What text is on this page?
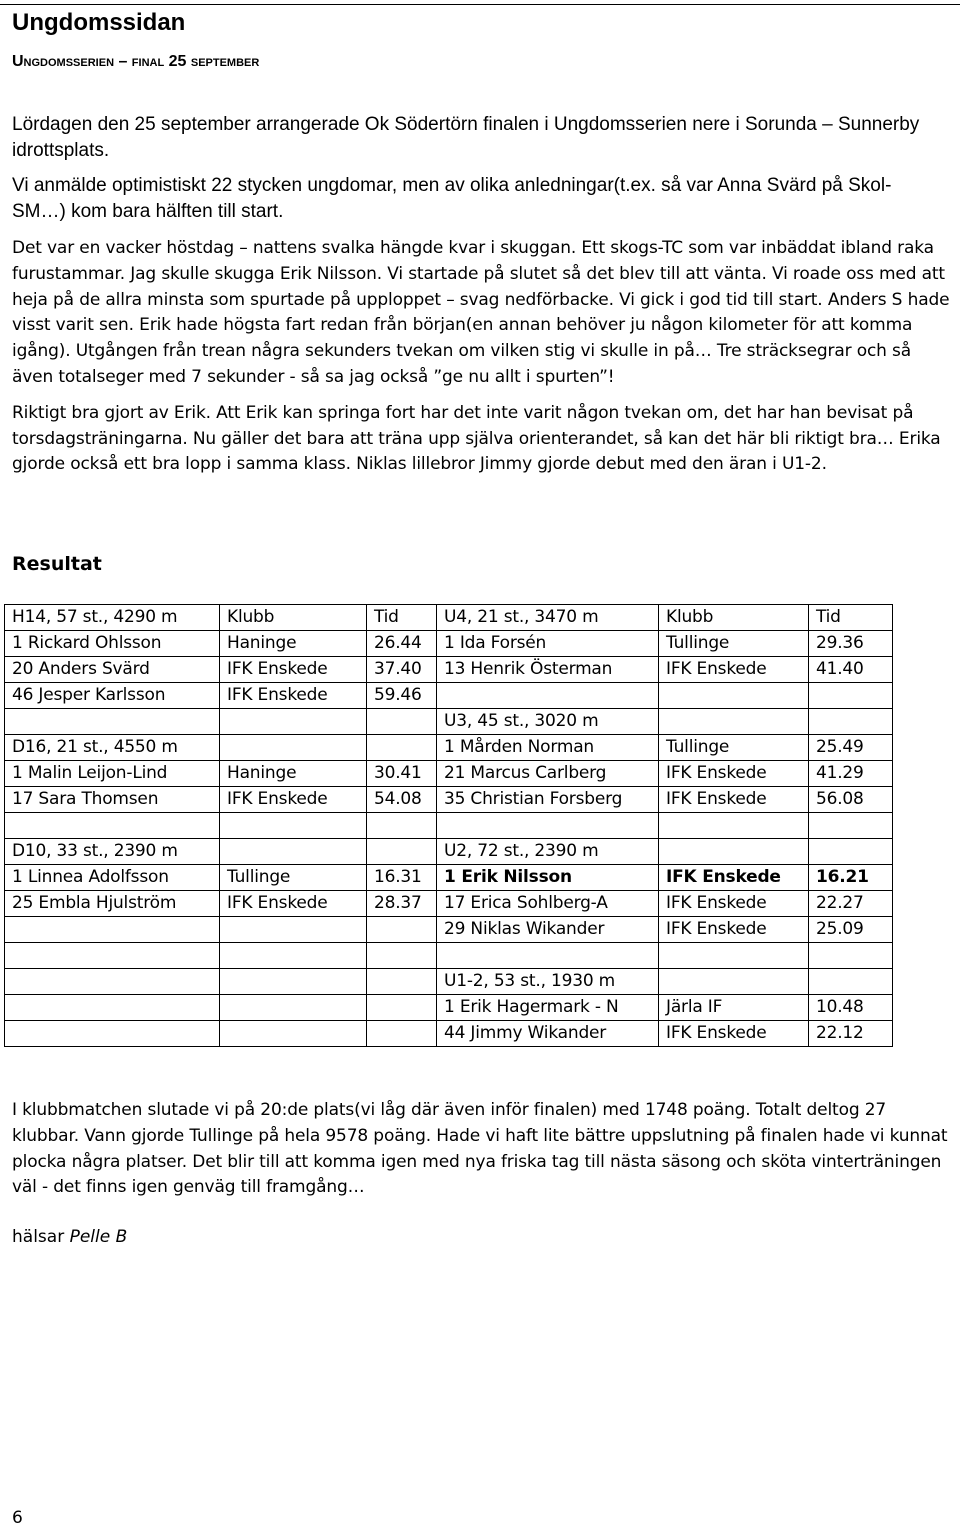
Ungdomssidan
Ungdomsserien – final 25 september

Lördagen den 25 september arrangerade Ok Södertörn finalen i Ungdomsserien nere i Sorunda – Sunnerby idrottsplats.

Vi anmälde optimistiskt 22 stycken ungdomar, men av olika anledningar(t.ex. så var Anna Svärd på Skol-SM…) kom bara hälften till start.

Det var en vacker höstdag – nattens svalka hängde kvar i skuggan. Ett skogs-TC som var inbäddat ibland raka furustammar. Jag skulle skugga Erik Nilsson. Vi startade på slutet så det blev till att vänta. Vi roade oss med att heja på de allra minsta som spurtade på upploppet – svag nedförbacke. Vi gick i god tid till start. Anders S hade visst varit sen. Erik hade högsta fart redan från början(en annan behöver ju någon kilometer för att komma igång). Utgången från trean några sekunders tvekan om vilken stig vi skulle in på… Tre sträcksegrar och så även totalseger med 7 sekunder - så sa jag också ”ge nu allt i spurten”!

Riktigt bra gjort av Erik. Att Erik kan springa fort har det inte varit någon tvekan om, det har han bevisat på torsdagsträningarna. Nu gäller det bara att träna upp själva orienterandet, så kan det här bli riktigt bra… Erika gjorde också ett bra lopp i samma klass. Niklas lillebror Jimmy gjorde debut med den äran i U1-2.

Resultat
H14, 57 st., 4290 m	Klubb	Tid	U4, 21 st., 3470 m	Klubb	Tid
1 Rickard Ohlsson	Haninge	26.44	1 Ida Forsén	Tullinge	29.36
20 Anders Svärd	IFK Enskede	37.40	13 Henrik Österman	IFK Enskede	41.40
46 Jesper Karlsson	IFK Enskede	59.46			
			U3, 45 st., 3020 m		
D16, 21 st., 4550 m			1 Mården Norman	Tullinge	25.49
1 Malin Leijon-Lind	Haninge	30.41	21 Marcus Carlberg	IFK Enskede	41.29
17 Sara Thomsen	IFK Enskede	54.08	35 Christian Forsberg	IFK Enskede	56.08

D10, 33 st., 2390 m			U2, 72 st., 2390 m		
1 Linnea Adolfsson	Tullinge	16.31	1 Erik Nilsson	IFK Enskede	16.21
25 Embla Hjulström	IFK Enskede	28.37	17 Erica Sohlberg-A	IFK Enskede	22.27
			29 Niklas Wikander	IFK Enskede	25.09

			U1-2, 53 st., 1930 m		
			1 Erik Hagermark - N	Järla IF	10.48
			44 Jimmy Wikander	IFK Enskede	22.12

I klubbmatchen slutade vi på 20:de plats(vi låg där även inför finalen) med 1748 poäng. Totalt deltog 27 klubbar. Vann gjorde Tullinge på hela 9578 poäng. Hade vi haft lite bättre uppslutning på finalen hade vi kunnat plocka några platser. Det blir till att komma igen med nya friska tag till nästa säsong och sköta vinterträningen väl - det finns igen genväg till framgång…

hälsar Pelle B

6
